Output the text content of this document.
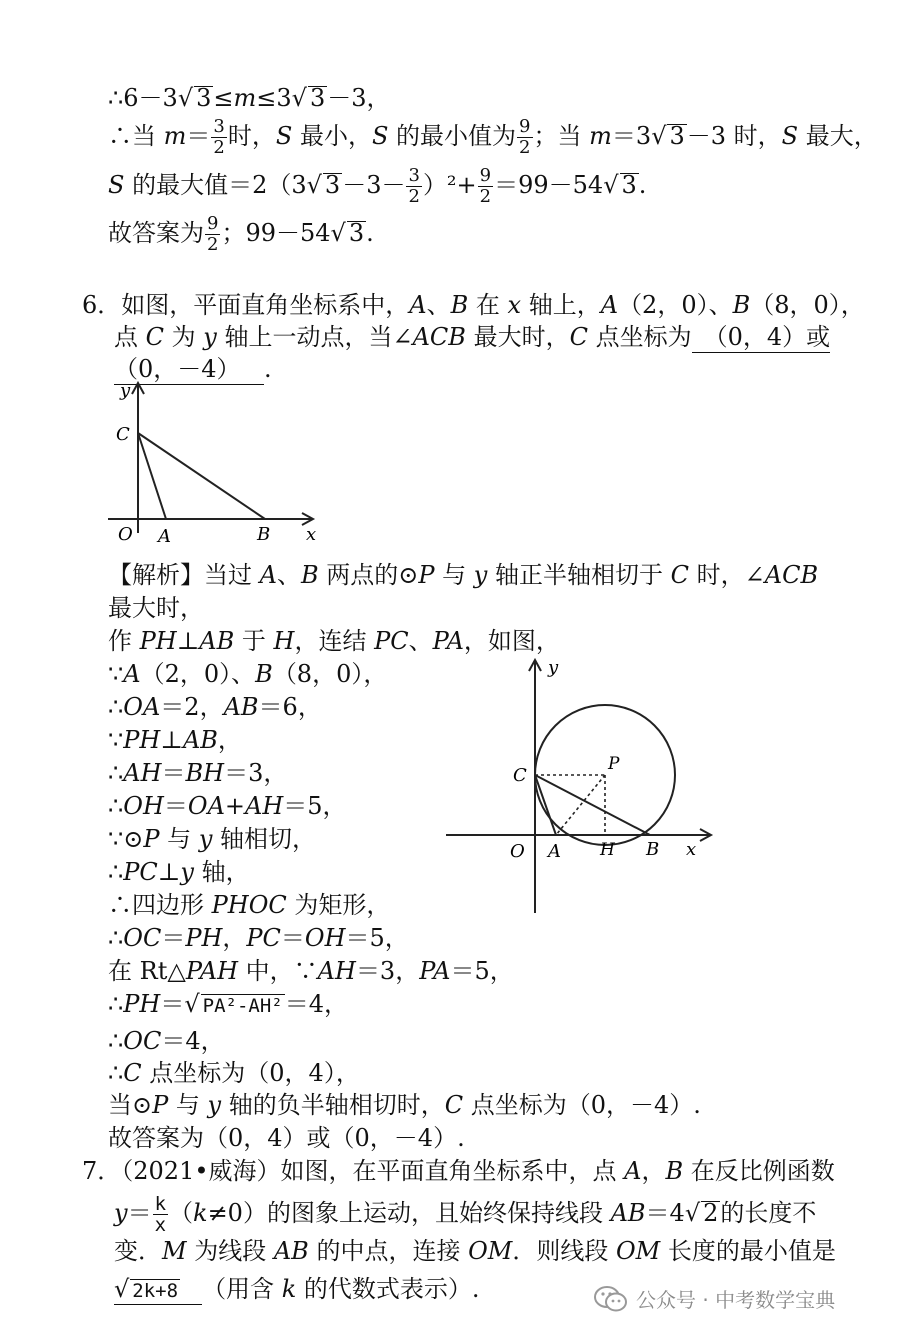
∴6－3√ 3≤m≤3√ 3－3，
∴当 $m= \frac{3}{2}$ 时，S 最小，S 的最小值为 $\frac{9}{2}$ ；当 m＝3√ 3－3 时，S 最大，
S 的最大值＝2（3√ $3-3- \frac{3}{2} )^2+ \frac{9}{2} =99-54√$ 3.
故答案为 $\frac{9}{2}$ ；99－54√ 3.
6．如图，平面直角坐标系中，A、B 在 x 轴上，A（2，0）、B（8，0），
点 C 为 y 轴上一动点，当∠ACB 最大时，C 点坐标为　（0，4）或
（0，－4）　.
y
C
O A	B x
【解析】当过 A、B 两点的⊙P 与 y 轴正半轴相切于 C 时，∠ACB
最大时，
作 PH⊥AB 于 H，连结 PC、PA，如图，
∵A（2，0）、B（8，0），
∴OA＝2，AB＝6，
∵PH⊥AB，
∴AH＝BH＝3，
∴OH＝OA+AH＝5，
∵⊙P 与 y 轴相切，
∴PC⊥y 轴，
∴四边形 PHOC 为矩形，
∴OC＝PH，PC＝OH＝5，
在 Rt△PAH 中，∵AH＝3，PA＝5，
∴PH＝√ PA²-AH²＝4，
∴OC＝4，
∴C 点坐标为（0，4），
当⊙P 与 y 轴的负半轴相切时，C 点坐标为（0，－4）.
故答案为（0，4）或（0，－4）.
y
C
P
O A H B x
7．（2021•威海）如图，在平面直角坐标系中，点 A，B 在反比例函数
$y= \frac{k}{x} (k\ne 0)$的图象上运动，且始终保持线段 AB＝4√ 2的长度不
变．M 为线段 AB 的中点，连接 OM．则线段 OM 长度的最小值是
√ 2k+8 （用含 k 的代数式表示）.	公众号 · 中考数学宝典
